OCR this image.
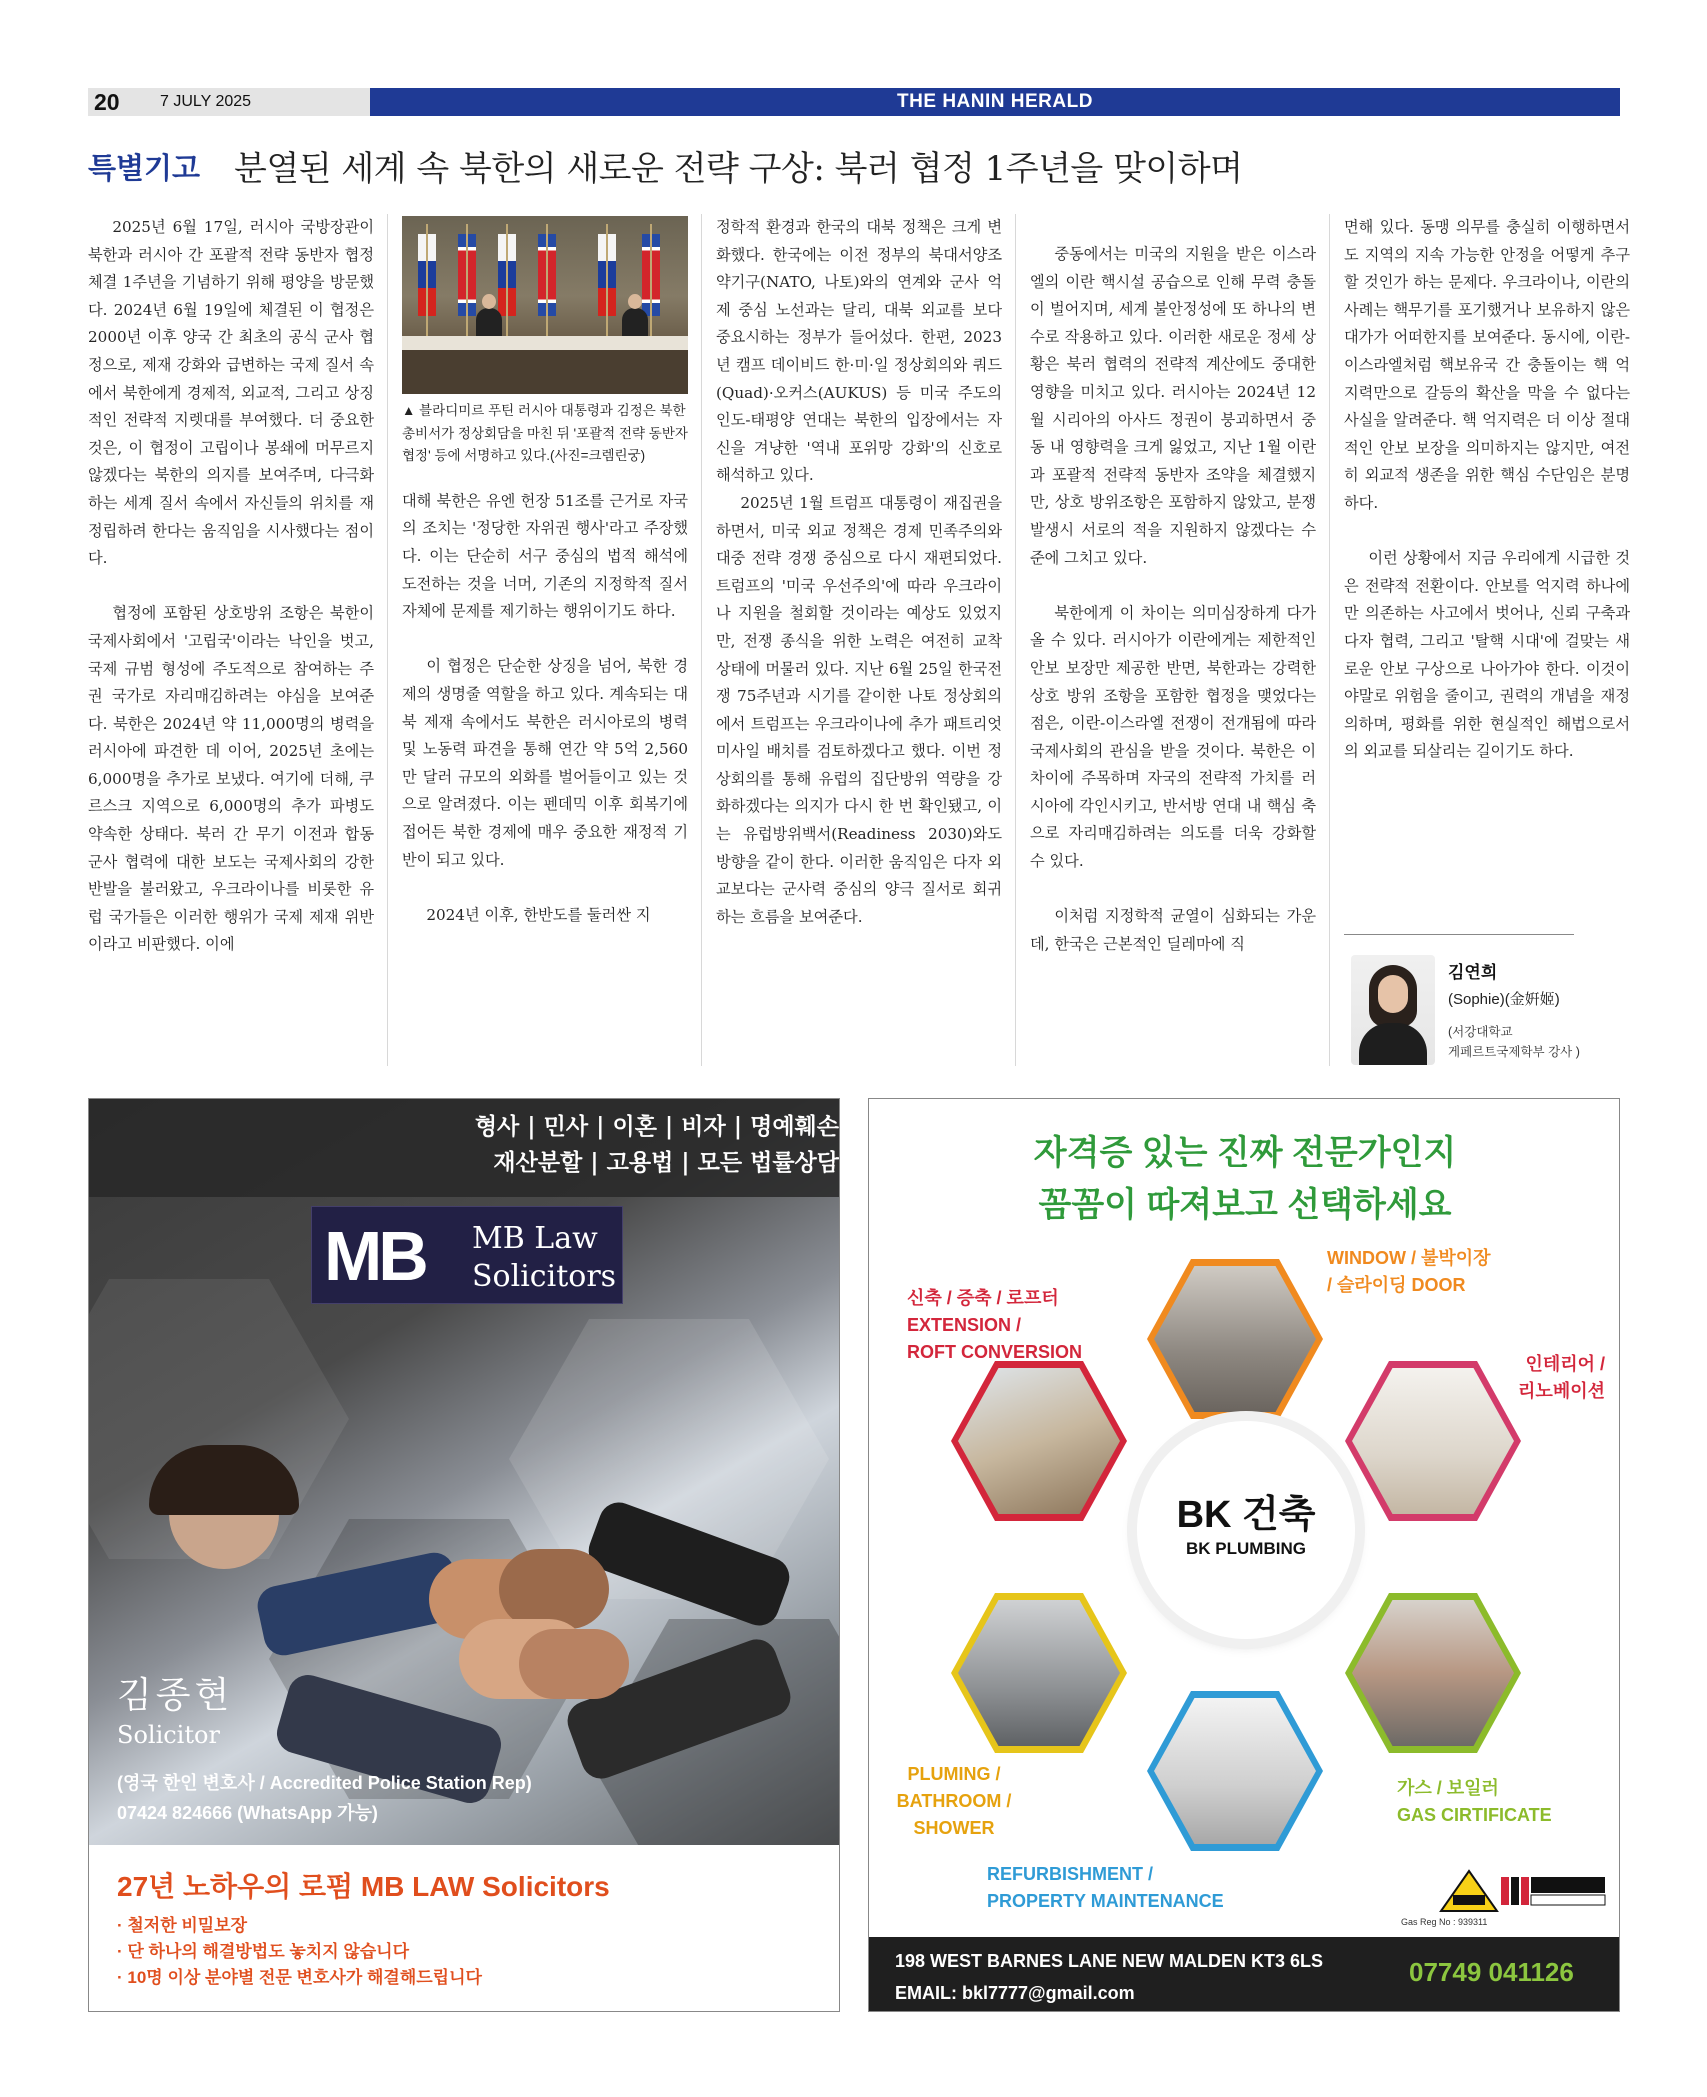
20	7 JULY 2025	THE HANIN HERALD
특별기고 분열된 세계 속 북한의 새로운 전략 구상: 북러 협정 1주년을 맞이하며

2025년 6월 17일, 러시아 국방장관이 북한과 러시아 간 포괄적 전략 동반자 협정 체결 1주년을 기념하기 위해 평양을 방문했다. 2024년 6월 19일에 체결된 이 협정은 2000년 이후 양국 간 최초의 공식 군사 협정으로, 제재 강화와 급변하는 국제 질서 속에서 북한에게 경제적, 외교적, 그리고 상징적인 전략적 지렛대를 부여했다. 더 중요한 것은, 이 협정이 고립이나 봉쇄에 머무르지 않겠다는 북한의 의지를 보여주며, 다극화하는 세계 질서 속에서 자신들의 위치를 재정립하려 한다는 움직임을 시사했다는 점이다.

협정에 포함된 상호방위 조항은 북한이 국제사회에서 '고립국'이라는 낙인을 벗고, 국제 규범 형성에 주도적으로 참여하는 주권 국가로 자리매김하려는 야심을 보여준다. 북한은 2024년 약 11,000명의 병력을 러시아에 파견한 데 이어, 2025년 초에는 6,000명을 추가로 보냈다. 여기에 더해, 쿠르스크 지역으로 6,000명의 추가 파병도 약속한 상태다. 북러 간 무기 이전과 합동 군사 협력에 대한 보도는 국제사회의 강한 반발을 불러왔고, 우크라이나를 비롯한 유럽 국가들은 이러한 행위가 국제 제재 위반이라고 비판했다. 이에

▲ 블라디미르 푸틴 러시아 대통령과 김정은 북한 총비서가 정상회담을 마친 뒤 '포괄적 전략 동반자 협정' 등에 서명하고 있다.(사진=크렘린궁)

대해 북한은 유엔 헌장 51조를 근거로 자국의 조치는 '정당한 자위권 행사'라고 주장했다. 이는 단순히 서구 중심의 법적 해석에 도전하는 것을 너머, 기존의 지정학적 질서 자체에 문제를 제기하는 행위이기도 하다.

이 협정은 단순한 상징을 넘어, 북한 경제의 생명줄 역할을 하고 있다. 계속되는 대북 제재 속에서도 북한은 러시아로의 병력 및 노동력 파견을 통해 연간 약 5억 2,560만 달러 규모의 외화를 벌어들이고 있는 것으로 알려졌다. 이는 펜데믹 이후 회복기에 접어든 북한 경제에 매우 중요한 재정적 기반이 되고 있다.

2024년 이후, 한반도를 둘러싼 지

정학적 환경과 한국의 대북 정책은 크게 변화했다. 한국에는 이전 정부의 북대서양조약기구(NATO, 나토)와의 연계와 군사 억제 중심 노선과는 달리, 대북 외교를 보다 중요시하는 정부가 들어섰다. 한편, 2023년 캠프 데이비드 한·미·일 정상회의와 쿼드(Quad)·오커스(AUKUS) 등 미국 주도의 인도-태평양 연대는 북한의 입장에서는 자신을 겨냥한 '역내 포위망 강화'의 신호로 해석하고 있다.

2025년 1월 트럼프 대통령이 재집권을 하면서, 미국 외교 정책은 경제 민족주의와 대중 전략 경쟁 중심으로 다시 재편되었다. 트럼프의 '미국 우선주의'에 따라 우크라이나 지원을 철회할 것이라는 예상도 있었지만, 전쟁 종식을 위한 노력은 여전히 교착 상태에 머물러 있다. 지난 6월 25일 한국전쟁 75주년과 시기를 같이한 나토 정상회의에서 트럼프는 우크라이나에 추가 패트리엇 미사일 배치를 검토하겠다고 했다. 이번 정상회의를 통해 유럽의 집단방위 역량을 강화하겠다는 의지가 다시 한 번 확인됐고, 이는 유럽방위백서(Readiness 2030)와도 방향을 같이 한다. 이러한 움직임은 다자 외교보다는 군사력 중심의 양극 질서로 회귀하는 흐름을 보여준다.

중동에서는 미국의 지원을 받은 이스라엘의 이란 핵시설 공습으로 인해 무력 충돌이 벌어지며, 세계 불안정성에 또 하나의 변수로 작용하고 있다. 이러한 새로운 정세 상황은 북러 협력의 전략적 계산에도 중대한 영향을 미치고 있다. 러시아는 2024년 12월 시리아의 아사드 정권이 붕괴하면서 중동 내 영향력을 크게 잃었고, 지난 1월 이란과 포괄적 전략적 동반자 조약을 체결했지만, 상호 방위조항은 포함하지 않았고, 분쟁 발생시 서로의 적을 지원하지 않겠다는 수준에 그치고 있다.

북한에게 이 차이는 의미심장하게 다가올 수 있다. 러시아가 이란에게는 제한적인 안보 보장만 제공한 반면, 북한과는 강력한 상호 방위 조항을 포함한 협정을 맺었다는 점은, 이란-이스라엘 전쟁이 전개됨에 따라 국제사회의 관심을 받을 것이다. 북한은 이 차이에 주목하며 자국의 전략적 가치를 러시아에 각인시키고, 반서방 연대 내 핵심 축으로 자리매김하려는 의도를 더욱 강화할 수 있다.

이처럼 지정학적 균열이 심화되는 가운데, 한국은 근본적인 딜레마에 직

면해 있다. 동맹 의무를 충실히 이행하면서도 지역의 지속 가능한 안정을 어떻게 추구할 것인가 하는 문제다. 우크라이나, 이란의 사례는 핵무기를 포기했거나 보유하지 않은 대가가 어떠한지를 보여준다. 동시에, 이란-이스라엘처럼 핵보유국 간 충돌이는 핵 억지력만으로 갈등의 확산을 막을 수 없다는 사실을 알려준다. 핵 억지력은 더 이상 절대적인 안보 보장을 의미하지는 않지만, 여전히 외교적 생존을 위한 핵심 수단임은 분명하다.

이런 상황에서 지금 우리에게 시급한 것은 전략적 전환이다. 안보를 억지력 하나에만 의존하는 사고에서 벗어나, 신뢰 구축과 다자 협력, 그리고 '탈핵 시대'에 걸맞는 새로운 안보 구상으로 나아가야 한다. 이것이야말로 위험을 줄이고, 권력의 개념을 재정의하며, 평화를 위한 현실적인 해법으로서의 외교를 되살리는 길이기도 하다.

김연희
(Sophie)(金姸姬)
(서강대학교
게페르트국제학부 강사 )
형사 | 민사 | 이혼 | 비자 | 명예훼손
재산분할 | 고용법 | 모든 법률상담
MB MB Law
Solicitors
김종현
Solicitor
(영국 한인 변호사 / Accredited Police Station Rep)
07424 824666 (WhatsApp 가능)
27년 노하우의 로펌 MB LAW Solicitors
· 철저한 비밀보장
· 단 하나의 해결방법도 놓치지 않습니다
· 10명 이상 분야별 전문 변호사가 해결해드립니다
자격증 있는 진짜 전문가인지
꼼꼼이 따져보고 선택하세요
BK 건축
BK PLUMBING
신축 / 증축 / 로프터
EXTENSION /
ROFT CONVERSION
WINDOW / 불박이장
/ 슬라이딩 DOOR
인테리어 /
리노베이션
PLUMING /
BATHROOM /
SHOWER
가스 / 보일러
GAS CIRTIFICATE
REFURBISHMENT /
PROPERTY MAINTENANCE
Gas Reg No : 939311
198 WEST BARNES LANE NEW MALDEN KT3 6LS
EMAIL: bkl7777@gmail.com
07749 041126
